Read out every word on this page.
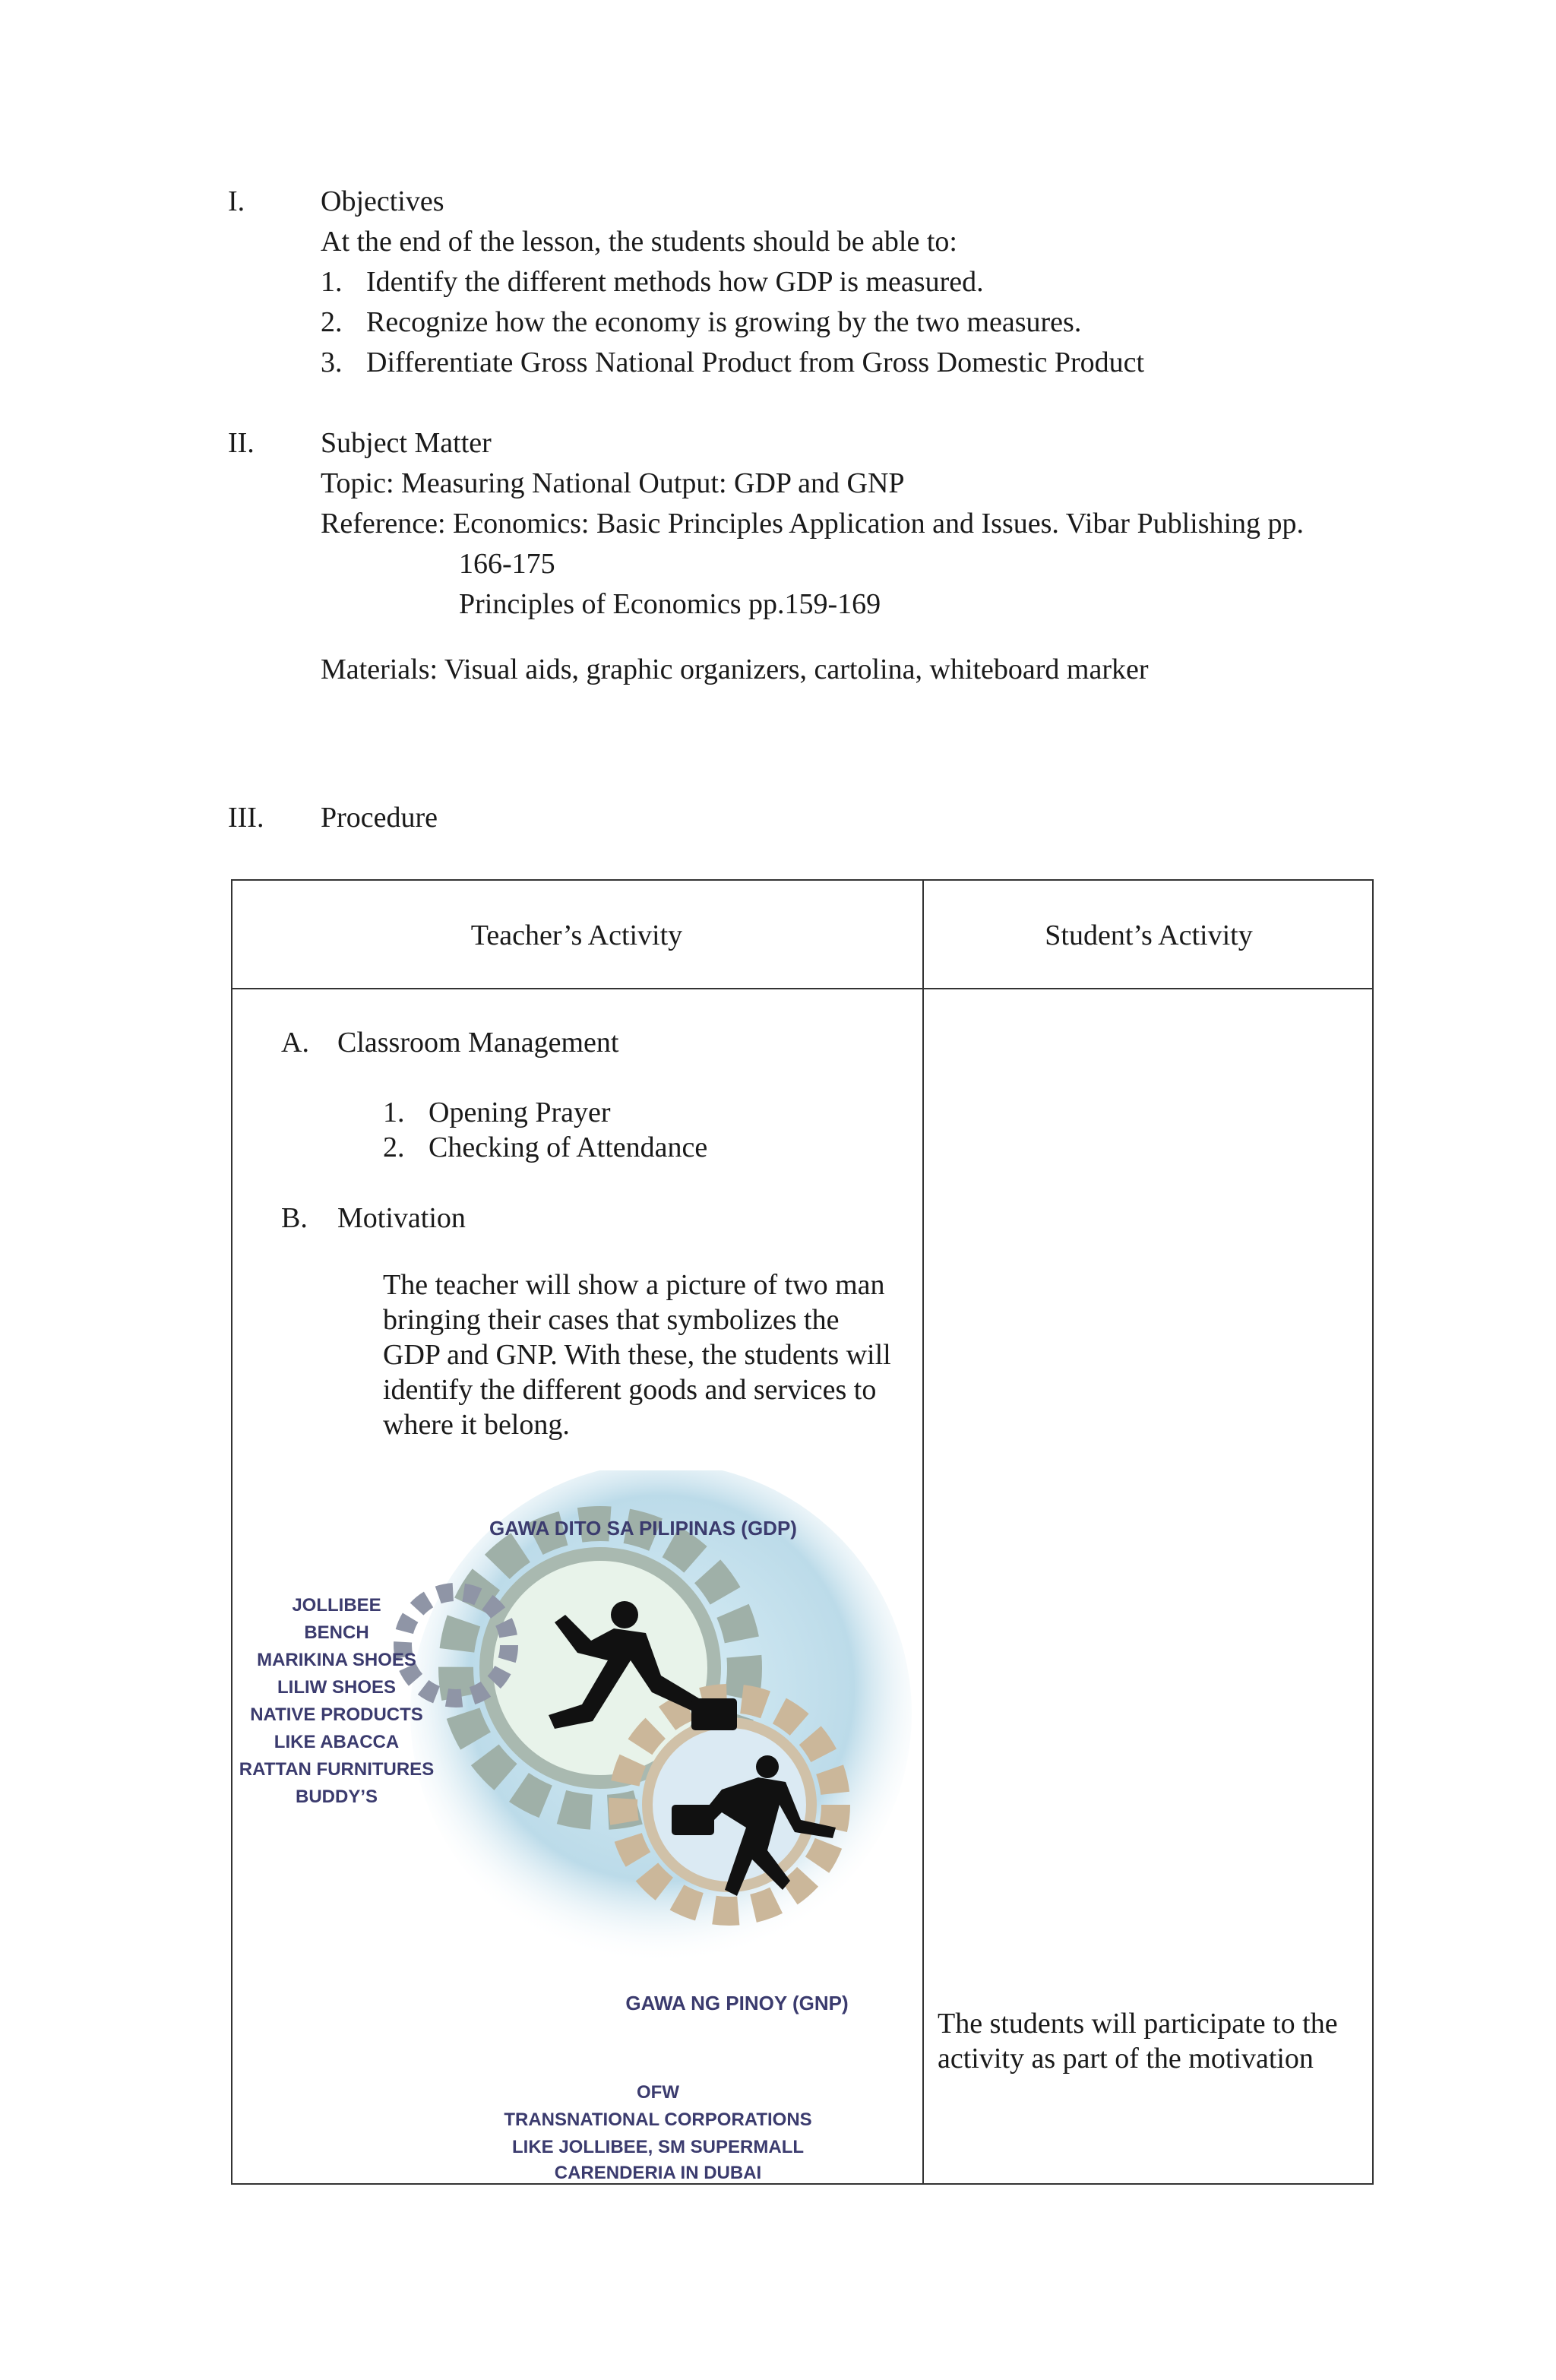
I.	Objectives
At the end of the lesson, the students should be able to:
1. Identify the different methods how GDP is measured.
2. Recognize how the economy is growing by the two measures.
3. Differentiate Gross National Product from Gross Domestic Product
II. Subject Matter
Topic: Measuring National Output: GDP and GNP
Reference: Economics: Basic Principles Application and Issues. Vibar Publishing pp.
166-175
Principles of Economics pp.159-169
Materials: Visual aids, graphic organizers, cartolina, whiteboard marker
III. Procedure
Teacher’s Activity	Student’s Activity
A. Classroom Management
1. Opening Prayer
2. Checking of Attendance
B. Motivation
The teacher will show a picture of two man bringing their cases that symbolizes the GDP and GNP. With these, the students will identify the different goods and services to where it belong.
The students will participate to the activity as part of the motivation
GAWA DITO SA PILIPINAS (GDP)
JOLLIBEE
BENCH
MARIKINA SHOES
LILIW SHOES
NATIVE PRODUCTS
LIKE ABACCA
RATTAN FURNITURES
BUDDY’S
GAWA NG PINOY (GNP)
OFW
TRANSNATIONAL CORPORATIONS
LIKE JOLLIBEE, SM SUPERMALL
CARENDERIA IN DUBAI
